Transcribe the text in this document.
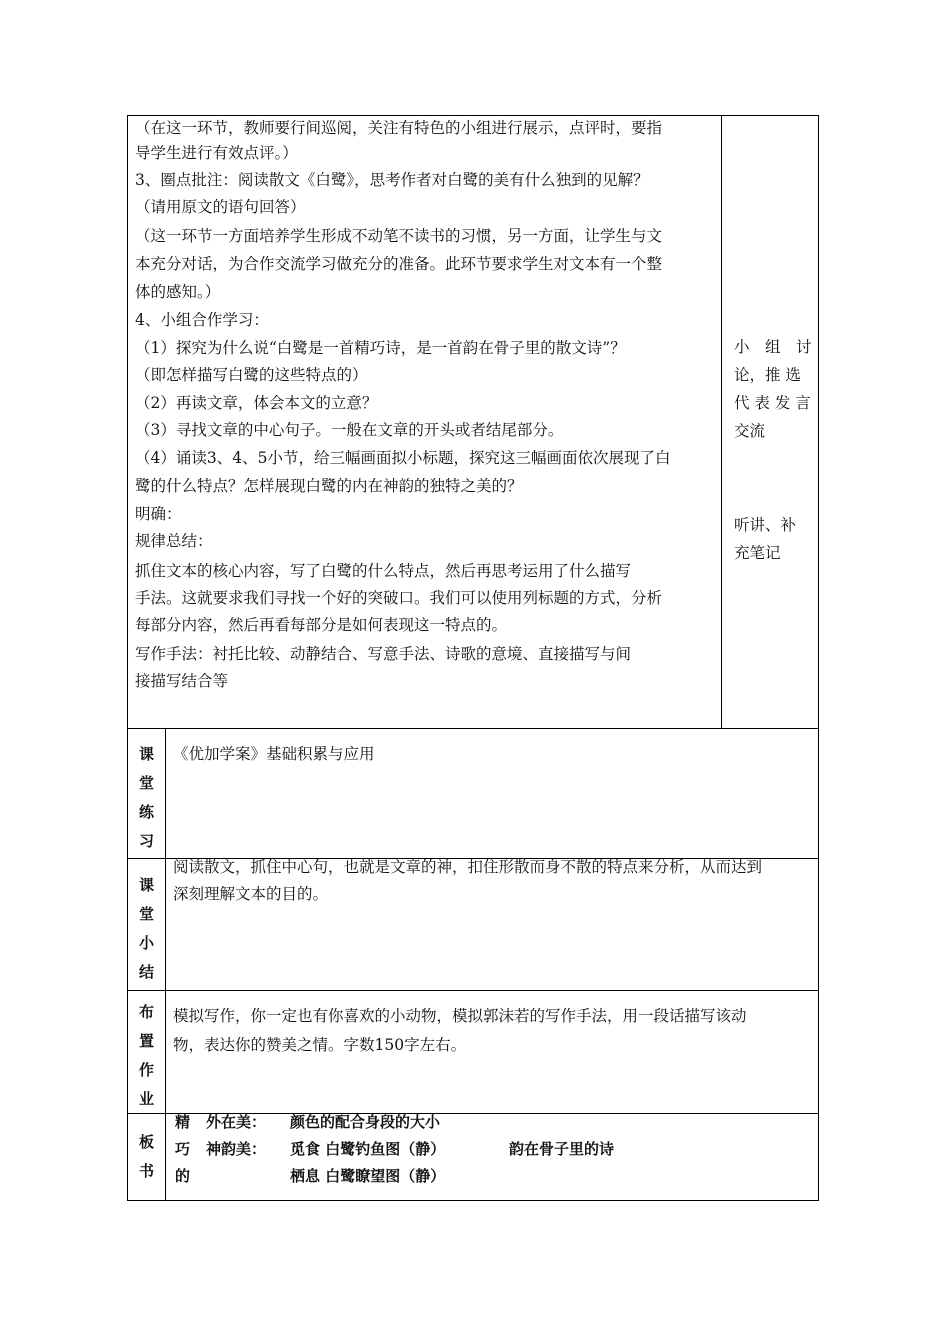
（在这一环节，教师要行间巡阅，关注有特色的小组进行展示，点评时，要指
导学生进行有效点评。）
3、圈点批注：阅读散文《白鹭》，思考作者对白鹭的美有什么独到的见解？
（请用原文的语句回答）
（这一环节一方面培养学生形成不动笔不读书的习惯，另一方面，让学生与文
本充分对话，为合作交流学习做充分的准备。此环节要求学生对文本有一个整
体的感知。）
4、小组合作学习：
（1）探究为什么说“白鹭是一首精巧诗，是一首韵在骨子里的散文诗”？
（即怎样描写白鹭的这些特点的）
（2）再读文章，体会本文的立意？
（3）寻找文章的中心句子。一般在文章的开头或者结尾部分。
（4）诵读3、4、5小节，给三幅画面拟小标题，探究这三幅画面依次展现了白
鹭的什么特点？怎样展现白鹭的内在神韵的独特之美的？
明确：
规律总结：
抓住文本的核心内容，写了白鹭的什么特点，然后再思考运用了什么描写
手法。这就要求我们寻找一个好的突破口。我们可以使用列标题的方式，分析
每部分内容，然后再看每部分是如何表现这一特点的。
写作手法：衬托比较、动静结合、写意手法、诗歌的意境、直接描写与间
接描写结合等
小　组　讨
论，推 选
代 表 发 言
交流
听讲、补
充笔记
课
堂
练
习
《优加学案》基础积累与应用
课
堂
小
结
阅读散文，抓住中心句，也就是文章的神，扣住形散而身不散的特点来分析，从而达到
深刻理解文本的目的。
布
置
作
业
模拟写作，你一定也有你喜欢的小动物，模拟郭沫若的写作手法，用一段话描写该动
物，表达你的赞美之情。字数150字左右。
板
书
精
巧
的
外在美：
神韵美：
颜色的配合身段的大小
觅食 白鹭钓鱼图（静）
栖息 白鹭瞭望图（静）
韵在骨子里的诗
